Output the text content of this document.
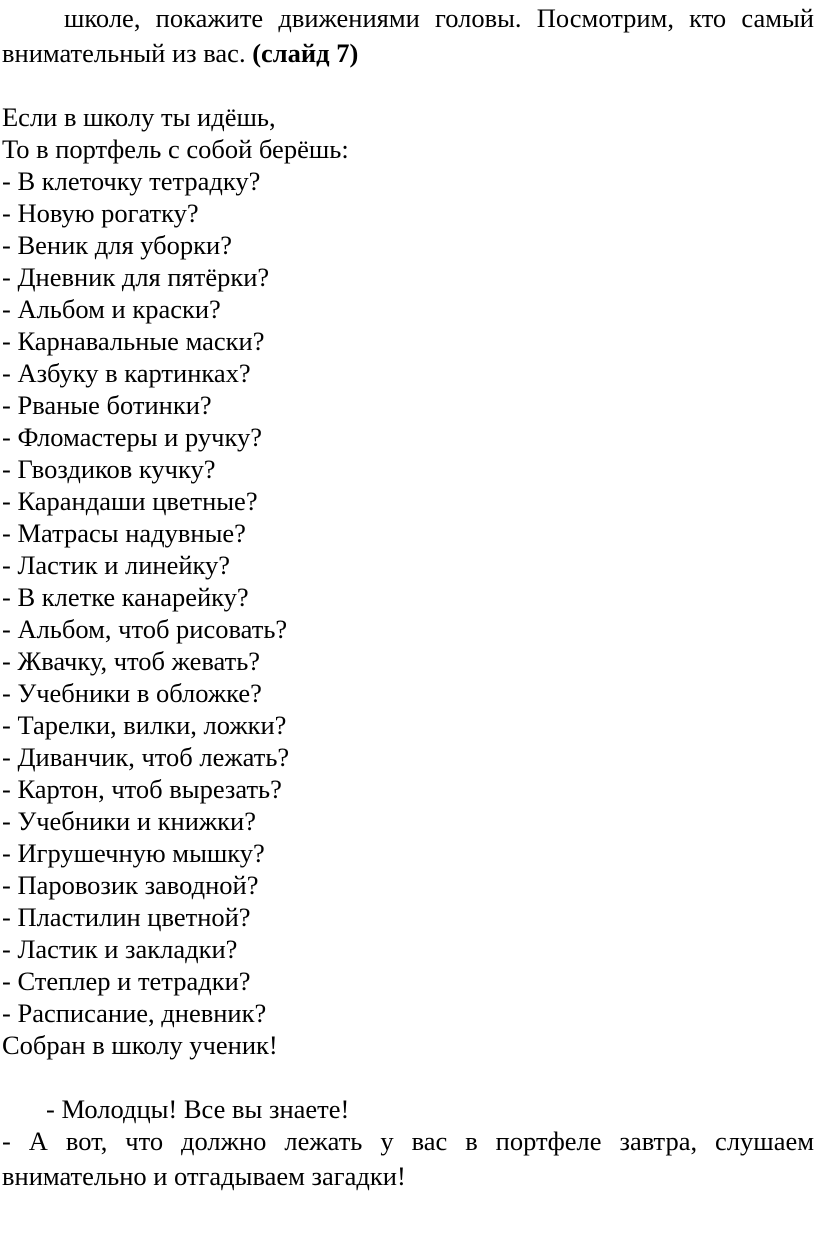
школе, покажите движениями головы. Посмотрим, кто самый
внимательный из вас. (слайд 7)
Если в школу ты идёшь,
То в портфель с собой берёшь:
- В клеточку тетрадку?
- Новую рогатку?
- Веник для уборки?
- Дневник для пятёрки?
- Альбом и краски?
- Карнавальные маски?
- Азбуку в картинках?
- Рваные ботинки?
- Фломастеры и ручку?
- Гвоздиков кучку?
- Карандаши цветные?
- Матрасы надувные?
- Ластик и линейку?
- В клетке канарейку?
- Альбом, чтоб рисовать?
- Жвачку, чтоб жевать?
- Учебники в обложке?
- Тарелки, вилки, ложки?
- Диванчик, чтоб лежать?
- Картон, чтоб вырезать?
- Учебники и книжки?
- Игрушечную мышку?
- Паровозик заводной?
- Пластилин цветной?
- Ластик и закладки?
- Степлер и тетрадки?
- Расписание, дневник?
Собран в школу ученик!
- Молодцы! Все вы знаете!
- А вот, что должно лежать у вас в портфеле завтра, слушаем
внимательно и отгадываем загадки!
